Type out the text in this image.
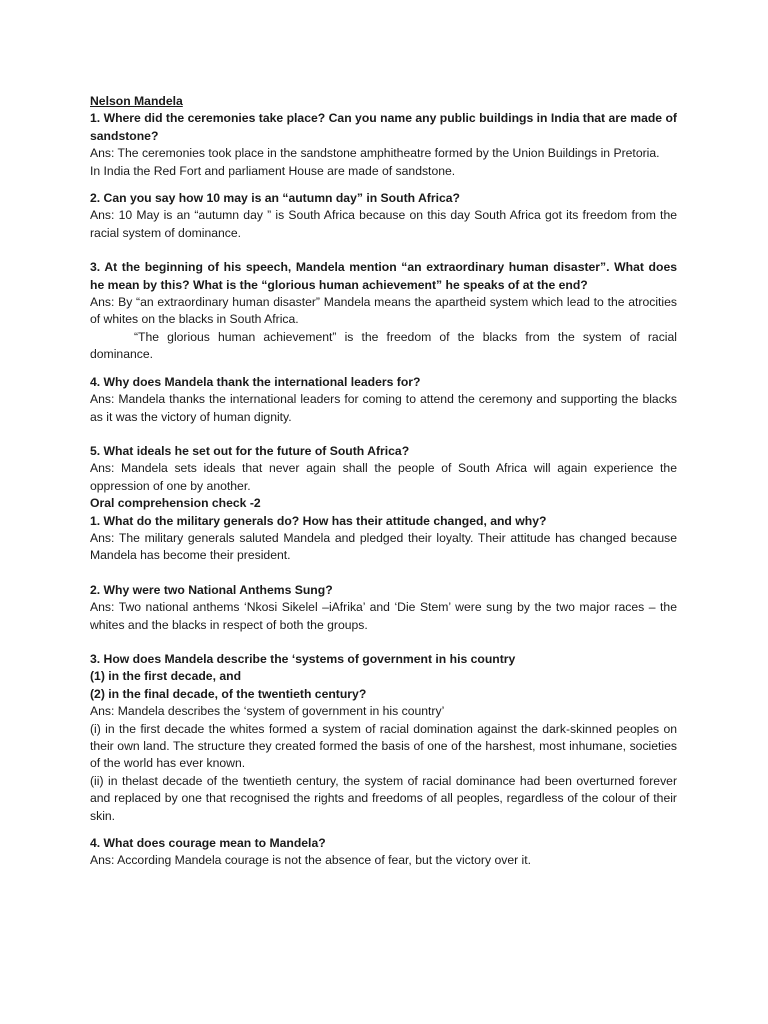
Nelson Mandela
1. Where did the ceremonies take place? Can you name any public buildings in India that are made of sandstone?
Ans: The ceremonies took place in the sandstone amphitheatre formed by the Union Buildings in Pretoria.
In India the Red Fort and parliament House are made of sandstone.
2. Can you say how 10 may is an “autumn day” in South Africa?
Ans: 10 May is an “autumn day ” is South Africa because on this day South Africa got its freedom from the racial system of dominance.
3. At the beginning of his speech, Mandela mention “an extraordinary human disaster”. What does he mean by this? What is the “glorious human achievement” he speaks of at the end?
Ans: By “an extraordinary human disaster” Mandela means the apartheid system which lead to the atrocities of whites on the blacks in South Africa.
“The glorious human achievement” is the freedom of the blacks from the system of racial dominance.
4. Why does Mandela thank the international leaders for?
Ans: Mandela thanks the international leaders for coming to attend the ceremony and supporting the blacks as it was the victory of human dignity.
5. What ideals he set out for the future of South Africa?
Ans: Mandela sets ideals that never again shall the people of South Africa will again experience the oppression of one by another.
Oral comprehension check -2
1. What do the military generals do? How has their attitude changed, and why?
Ans: The military generals saluted Mandela and pledged their loyalty. Their attitude has changed because Mandela has become their president.
2. Why were two National Anthems Sung?
Ans: Two national anthems ‘Nkosi Sikelel –iAfrika’ and ‘Die Stem’ were sung by the two major races – the whites and the blacks in respect of both the groups.
3. How does Mandela describe the ‘systems of government in his country
(1) in the first decade, and
(2) in the final decade, of the twentieth century?
Ans: Mandela describes the ‘system of government in his country’
(i) in the first decade the whites formed a system of racial domination against the dark-skinned peoples on their own land. The structure they created formed the basis of one of the harshest, most inhumane, societies of the world has ever known.
(ii) in thelast decade of the twentieth century, the system of racial dominance had been overturned forever and replaced by one that recognised the rights and freedoms of all peoples, regardless of the colour of their skin.
4. What does courage mean to Mandela?
Ans: According Mandela courage is not the absence of fear, but the victory over it.
